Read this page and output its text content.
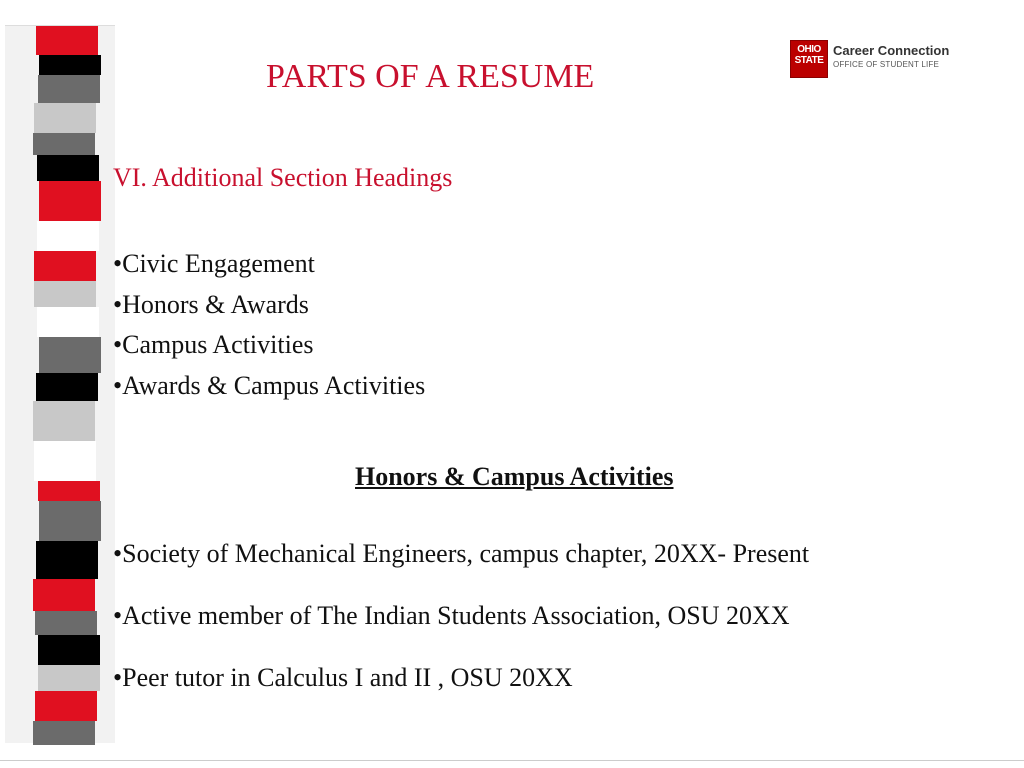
PARTS OF A RESUME
OHIO
STATE
Career Connection
OFFICE OF STUDENT LIFE
VI. Additional Section Headings
•Civic Engagement
•Honors & Awards
•Campus Activities
•Awards & Campus Activities
Honors & Campus Activities
•Society of Mechanical Engineers, campus chapter, 20XX- Present
•Active member of The Indian Students Association, OSU 20XX
•Peer tutor in Calculus I and II , OSU 20XX
